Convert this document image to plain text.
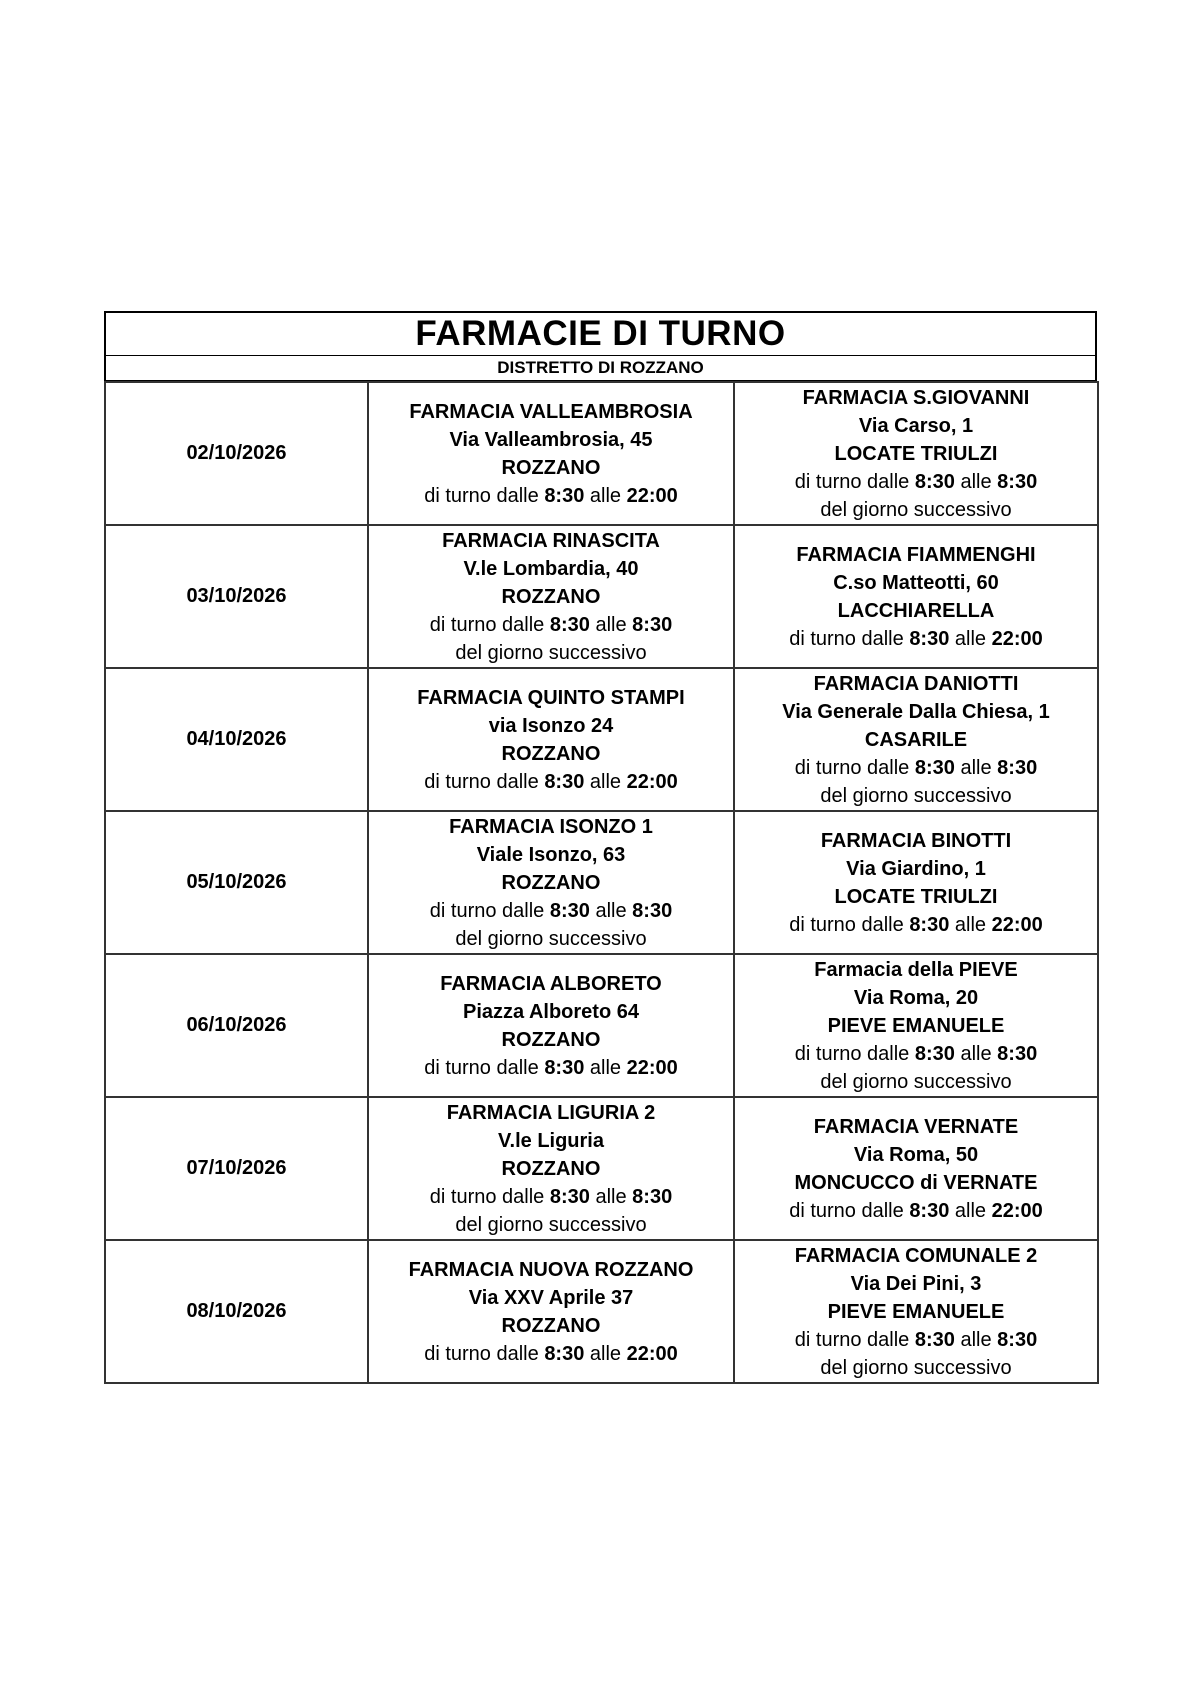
FARMACIE DI TURNO
DISTRETTO DI ROZZANO
02/10/2026	FARMACIA VALLEAMBROSIA
Via Valleambrosia, 45
ROZZANO
di turno dalle 8:30 alle 22:00	FARMACIA S.GIOVANNI
Via Carso, 1
LOCATE TRIULZI
di turno dalle 8:30 alle 8:30
del giorno successivo

03/10/2026	FARMACIA RINASCITA
V.le Lombardia, 40
ROZZANO
di turno dalle 8:30 alle 8:30
del giorno successivo	FARMACIA FIAMMENGHI
C.so Matteotti, 60
LACCHIARELLA
di turno dalle 8:30 alle 22:00

04/10/2026	FARMACIA QUINTO STAMPI
via Isonzo 24
ROZZANO
di turno dalle 8:30 alle 22:00	FARMACIA DANIOTTI
Via Generale Dalla Chiesa, 1
CASARILE
di turno dalle 8:30 alle 8:30
del giorno successivo

05/10/2026	FARMACIA ISONZO 1
Viale Isonzo, 63
ROZZANO
di turno dalle 8:30 alle 8:30
del giorno successivo	FARMACIA BINOTTI
Via Giardino, 1
LOCATE TRIULZI
di turno dalle 8:30 alle 22:00

06/10/2026	FARMACIA ALBORETO
Piazza Alboreto 64
ROZZANO
di turno dalle 8:30 alle 22:00	Farmacia della PIEVE
Via Roma, 20
PIEVE EMANUELE
di turno dalle 8:30 alle 8:30
del giorno successivo

07/10/2026	FARMACIA LIGURIA 2
V.le Liguria
ROZZANO
di turno dalle 8:30 alle 8:30
del giorno successivo	FARMACIA VERNATE
Via Roma, 50
MONCUCCO di VERNATE
di turno dalle 8:30 alle 22:00

08/10/2026	FARMACIA NUOVA ROZZANO
Via XXV Aprile 37
ROZZANO
di turno dalle 8:30 alle 22:00	FARMACIA COMUNALE 2
Via Dei Pini, 3
PIEVE EMANUELE
di turno dalle 8:30 alle 8:30
del giorno successivo
